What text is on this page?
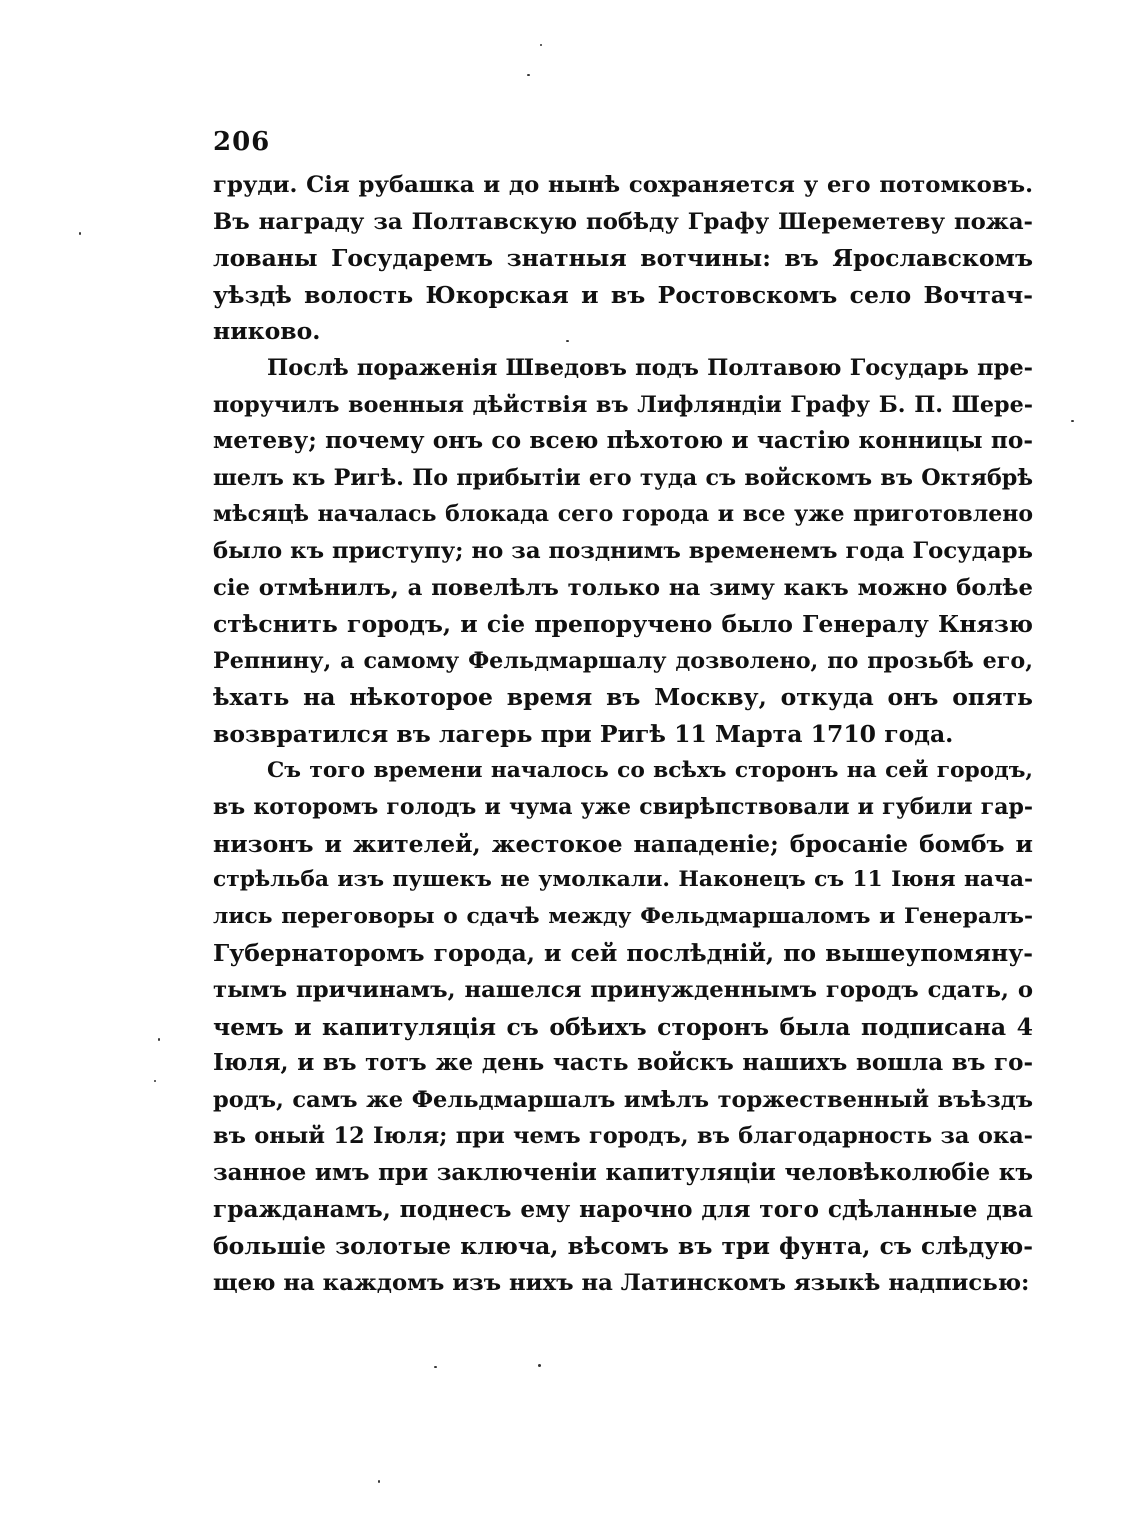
206
груди. Сія рубашка и до нынѣ сохраняется у его потомковъ.
Въ награду за Полтавскую побѣду Графу Шереметеву пожа-
лованы Государемъ знатныя вотчины: въ Ярославскомъ
уѣздѣ волость Юкорская и въ Ростовскомъ село Вочтач-
никово.
Послѣ пораженія Шведовъ подъ Полтавою Государь пре-
поручилъ военныя дѣйствія въ Лифляндіи Графу Б. П. Шере-
метеву; почему онъ со всею пѣхотою и частію конницы по-
шелъ къ Ригѣ. По прибытіи его туда съ войскомъ въ Октябрѣ
мѣсяцѣ началась блокада сего города и все уже приготовлено
было къ приступу; но за позднимъ временемъ года Государь
сіе отмѣнилъ, а повелѣлъ только на зиму какъ можно болѣе
стѣснить городъ, и сіе препоручено было Генералу Князю
Репнину, а самому Фельдмаршалу дозволено, по прозьбѣ его,
ѣхать на нѣкоторое время въ Москву, откуда онъ опять
возвратился въ лагерь при Ригѣ 11 Марта 1710 года.
Съ того времени началось со всѣхъ сторонъ на сей городъ,
въ которомъ голодъ и чума уже свирѣпствовали и губили гар-
низонъ и жителей, жестокое нападеніе; бросаніе бомбъ и
стрѣльба изъ пушекъ не умолкали. Наконецъ съ 11 Іюня нача-
лись переговоры о сдачѣ между Фельдмаршаломъ и Генералъ-
Губернаторомъ города, и сей послѣдній, по вышеупомяну-
тымъ причинамъ, нашелся принужденнымъ городъ сдать, о
чемъ и капитуляція съ обѣихъ сторонъ была подписана 4
Іюля, и въ тотъ же день часть войскъ нашихъ вошла въ го-
родъ, самъ же Фельдмаршалъ имѣлъ торжественный въѣздъ
въ оный 12 Іюля; при чемъ городъ, въ благодарность за ока-
занное имъ при заключеніи капитуляціи человѣколюбіе къ
гражданамъ, поднесъ ему нарочно для того сдѣланные два
большіе золотые ключа, вѣсомъ въ три фунта, съ слѣдую-
щею на каждомъ изъ нихъ на Латинскомъ языкѣ надписью:
